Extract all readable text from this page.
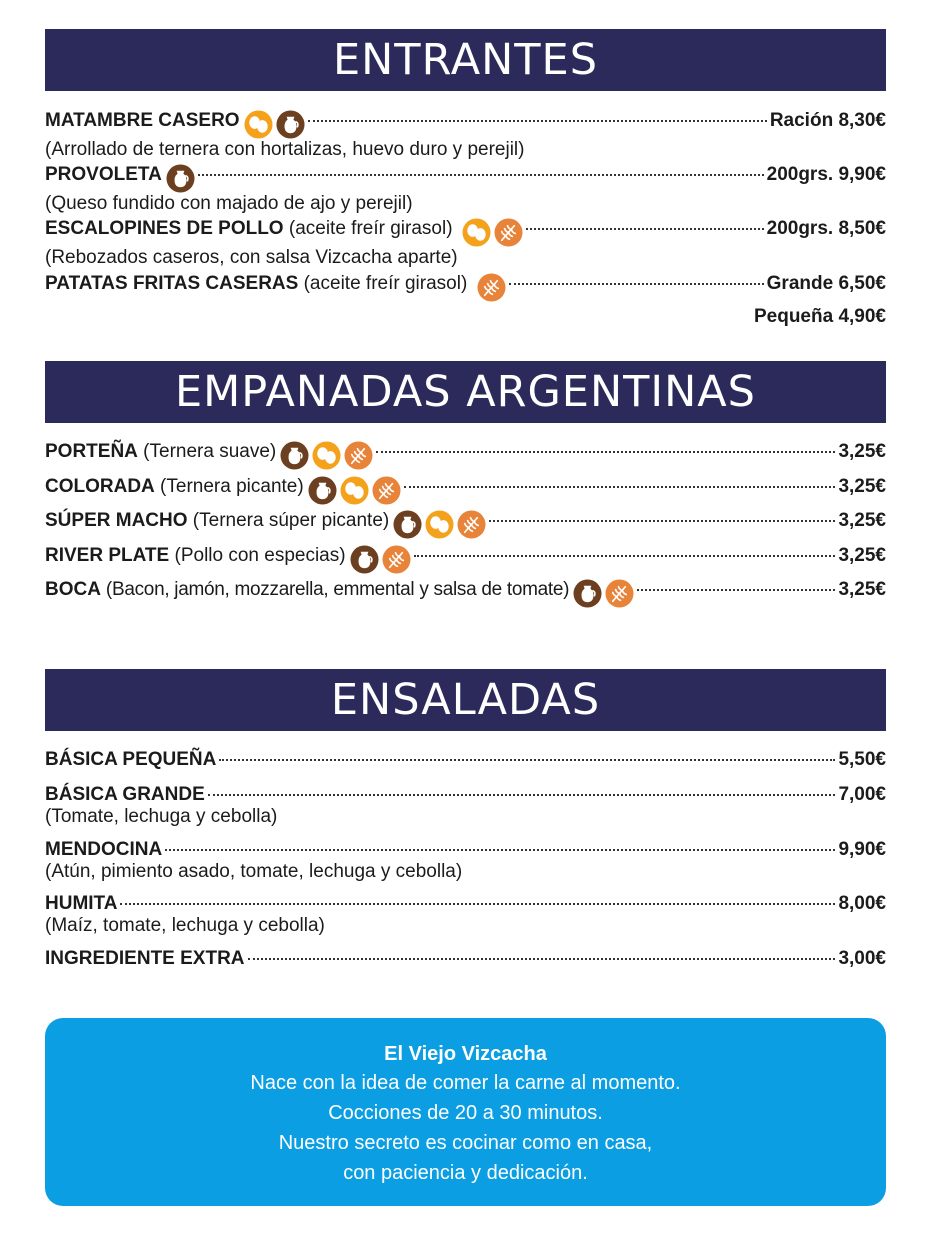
ENTRANTES
MATAMBRE CASERO	Ración 8,30€
(Arrollado de ternera con hortalizas, huevo duro y perejil)
PROVOLETA	200grs. 9,90€
(Queso fundido con majado de ajo y perejil)
ESCALOPINES DE POLLO (aceite freír girasol)	200grs. 8,50€
(Rebozados caseros, con salsa Vizcacha aparte)
PATATAS FRITAS CASERAS (aceite freír girasol)	Grande 6,50€
Pequeña 4,90€
EMPANADAS ARGENTINAS
PORTEÑA (Ternera suave)	3,25€
COLORADA (Ternera picante)	3,25€
SÚPER MACHO (Ternera súper picante)	3,25€
RIVER PLATE (Pollo con especias)	3,25€
BOCA (Bacon, jamón, mozzarella, emmental y salsa de tomate)	3,25€
ENSALADAS
BÁSICA PEQUEÑA	5,50€
BÁSICA GRANDE	7,00€
(Tomate, lechuga y cebolla)
MENDOCINA	9,90€
(Atún, pimiento asado, tomate, lechuga y cebolla)
HUMITA	8,00€
(Maíz, tomate, lechuga y cebolla)
INGREDIENTE EXTRA	3,00€
El Viejo Vizcacha
Nace con la idea de comer la carne al momento.
Cocciones de 20 a 30 minutos.
Nuestro secreto es cocinar como en casa,
con paciencia y dedicación.
